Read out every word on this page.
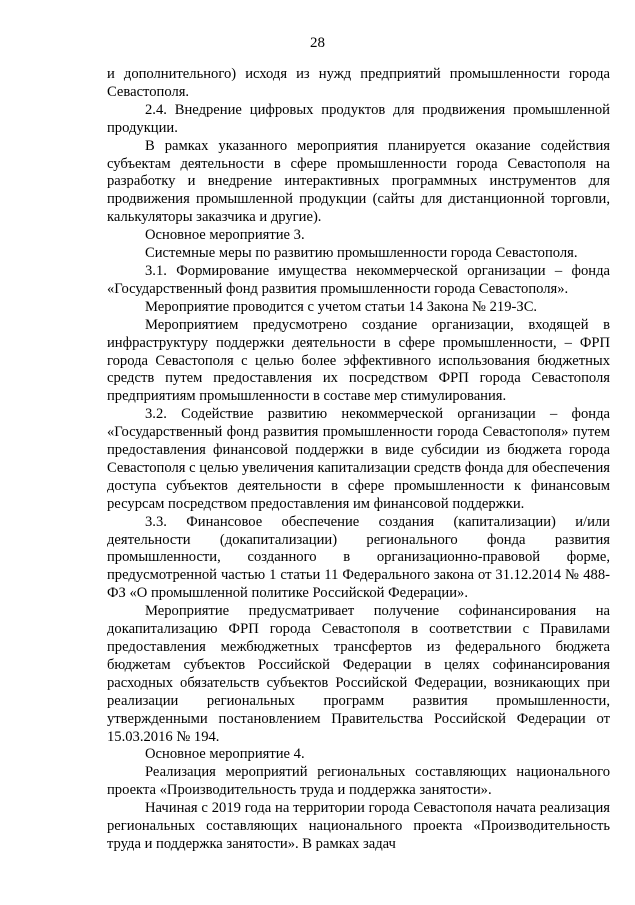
28

и дополнительного) исходя из нужд предприятий промышленности города Севастополя.

2.4. Внедрение цифровых продуктов для продвижения промышленной продукции.

В рамках указанного мероприятия планируется оказание содействия субъектам деятельности в сфере промышленности города Севастополя на разработку и внедрение интерактивных программных инструментов для продвижения промышленной продукции (сайты для дистанционной торговли, калькуляторы заказчика и другие).

Основное мероприятие 3.

Системные меры по развитию промышленности города Севастополя.

3.1. Формирование имущества некоммерческой организации – фонда «Государственный фонд развития промышленности города Севастополя».

Мероприятие проводится с учетом статьи 14 Закона № 219-ЗС.

Мероприятием предусмотрено создание организации, входящей в инфраструктуру поддержки деятельности в сфере промышленности, – ФРП города Севастополя с целью более эффективного использования бюджетных средств путем предоставления их посредством ФРП города Севастополя предприятиям промышленности в составе мер стимулирования.

3.2. Содействие развитию некоммерческой организации – фонда «Государственный фонд развития промышленности города Севастополя» путем предоставления финансовой поддержки в виде субсидии из бюджета города Севастополя с целью увеличения капитализации средств фонда для обеспечения доступа субъектов деятельности в сфере промышленности к финансовым ресурсам посредством предоставления им финансовой поддержки.

3.3. Финансовое обеспечение создания (капитализации) и/или деятельности (докапитализации) регионального фонда развития промышленности, созданного в организационно-правовой форме, предусмотренной частью 1 статьи 11 Федерального закона от 31.12.2014 № 488-ФЗ «О промышленной политике Российской Федерации».

Мероприятие предусматривает получение софинансирования на докапитализацию ФРП города Севастополя в соответствии с Правилами предоставления межбюджетных трансфертов из федерального бюджета бюджетам субъектов Российской Федерации в целях софинансирования расходных обязательств субъектов Российской Федерации, возникающих при реализации региональных программ развития промышленности, утвержденными постановлением Правительства Российской Федерации от 15.03.2016 № 194.

Основное мероприятие 4.

Реализация мероприятий региональных составляющих национального проекта «Производительность труда и поддержка занятости».

Начиная с 2019 года на территории города Севастополя начата реализация региональных составляющих национального проекта «Производительность труда и поддержка занятости». В рамках задач
